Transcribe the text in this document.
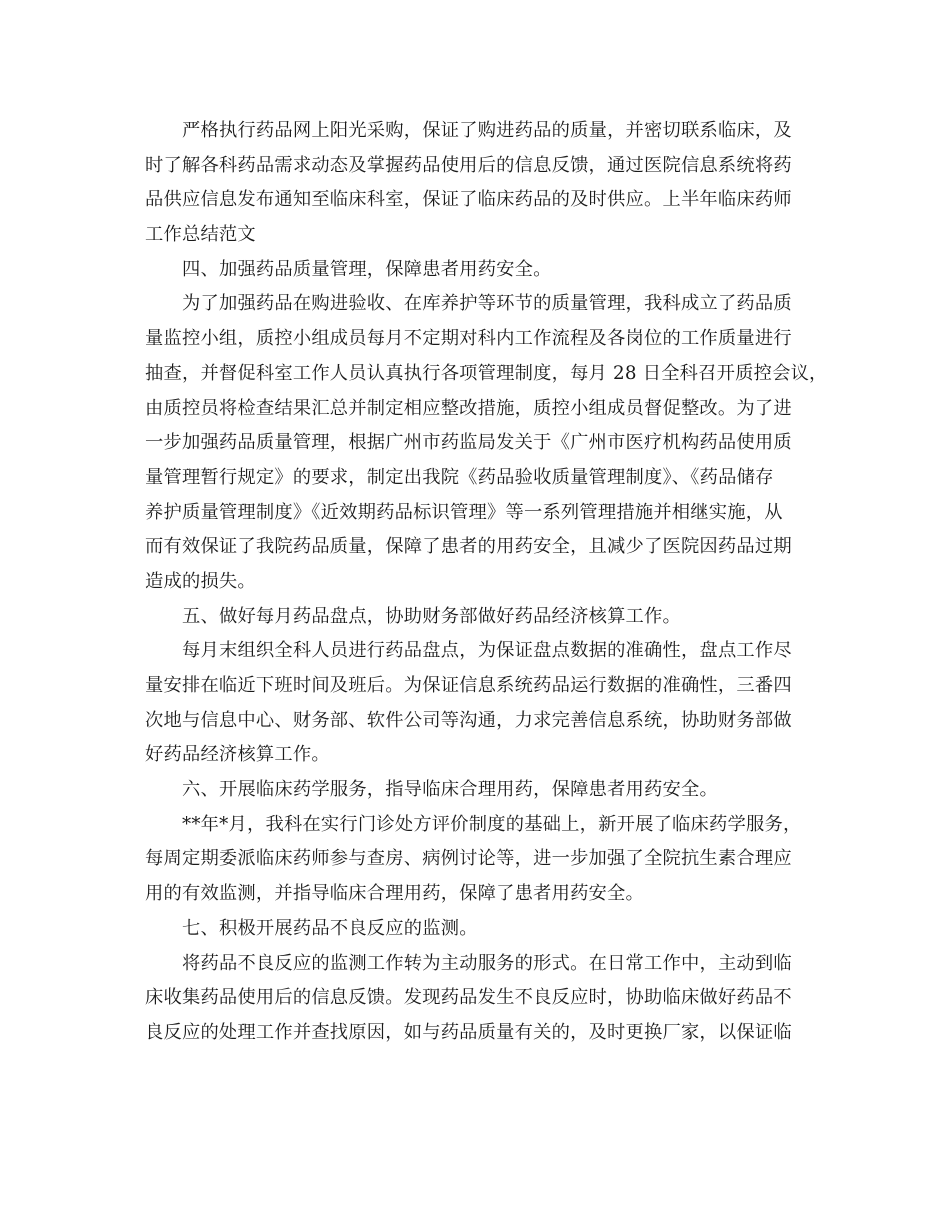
严格执行药品网上阳光采购，保证了购进药品的质量，并密切联系临床，及
时了解各科药品需求动态及掌握药品使用后的信息反馈，通过医院信息系统将药
品供应信息发布通知至临床科室，保证了临床药品的及时供应。上半年临床药师
工作总结范文
四、加强药品质量管理，保障患者用药安全。
为了加强药品在购进验收、在库养护等环节的质量管理，我科成立了药品质
量监控小组，质控小组成员每月不定期对科内工作流程及各岗位的工作质量进行
抽查，并督促科室工作人员认真执行各项管理制度，每月 28 日全科召开质控会议，
由质控员将检查结果汇总并制定相应整改措施，质控小组成员督促整改。为了进
一步加强药品质量管理，根据广州市药监局发关于《广州市医疗机构药品使用质
量管理暂行规定》的要求，制定出我院《药品验收质量管理制度》、《药品储存
养护质量管理制度》《近效期药品标识管理》等一系列管理措施并相继实施，从
而有效保证了我院药品质量，保障了患者的用药安全，且减少了医院因药品过期
造成的损失。
五、做好每月药品盘点，协助财务部做好药品经济核算工作。
每月末组织全科人员进行药品盘点，为保证盘点数据的准确性，盘点工作尽
量安排在临近下班时间及班后。为保证信息系统药品运行数据的准确性，三番四
次地与信息中心、财务部、软件公司等沟通，力求完善信息系统，协助财务部做
好药品经济核算工作。
六、开展临床药学服务，指导临床合理用药，保障患者用药安全。
**年*月，我科在实行门诊处方评价制度的基础上，新开展了临床药学服务，
每周定期委派临床药师参与查房、病例讨论等，进一步加强了全院抗生素合理应
用的有效监测，并指导临床合理用药，保障了患者用药安全。
七、积极开展药品不良反应的监测。
将药品不良反应的监测工作转为主动服务的形式。在日常工作中，主动到临
床收集药品使用后的信息反馈。发现药品发生不良反应时，协助临床做好药品不
良反应的处理工作并查找原因，如与药品质量有关的，及时更换厂家，以保证临
